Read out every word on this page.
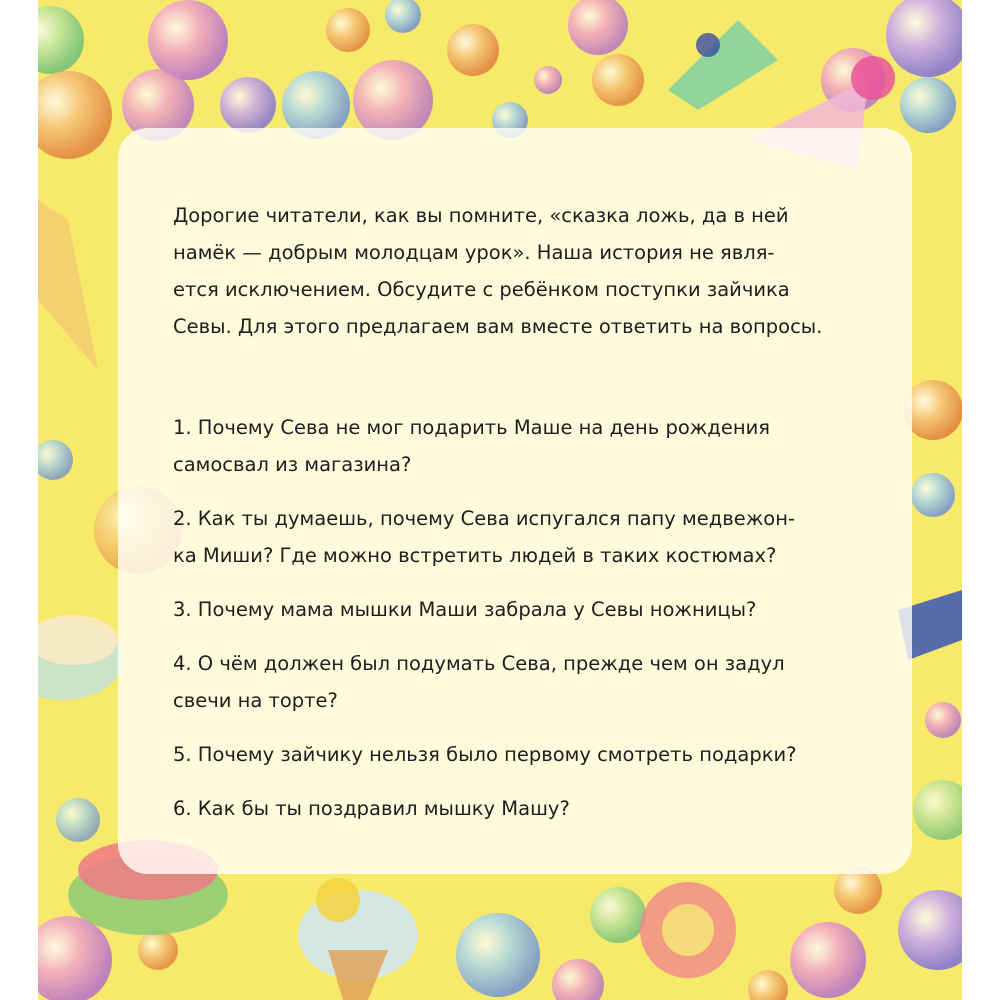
Дорогие читатели, как вы помните, «сказка ложь, да в ней

намёк — добрым молодцам урок». Наша история не явля-

ется исключением. Обсудите с ребёнком поступки зайчика

Севы. Для этого предлагаем вам вместе ответить на вопросы.

1. Почему Сева не мог подарить Маше на день рождения

самосвал из магазина?

2. Как ты думаешь, почему Сева испугался папу медвежон-

ка Миши? Где можно встретить людей в таких костюмах?

3. Почему мама мышки Маши забрала у Севы ножницы?

4. О чём должен был подумать Сева, прежде чем он задул

свечи на торте?

5. Почему зайчику нельзя было первому смотреть подарки?

6. Как бы ты поздравил мышку Машу?
